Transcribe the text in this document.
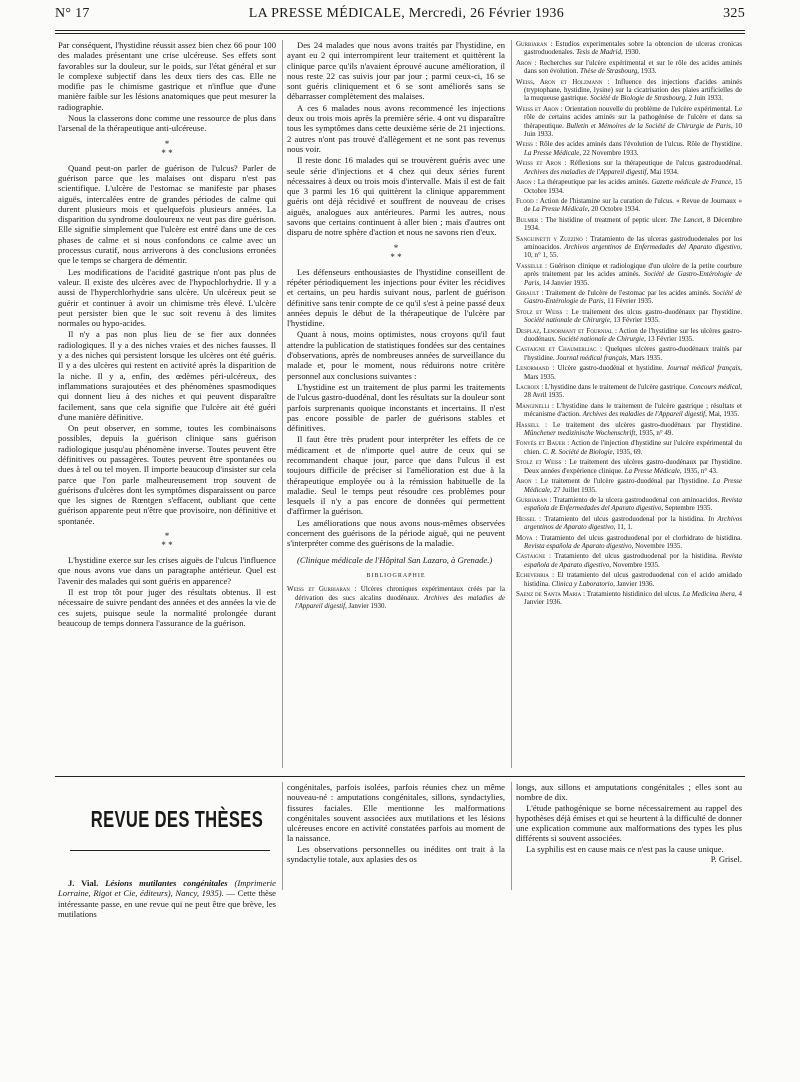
N° 17	LA PRESSE MÉDICALE, Mercredi, 26 Février 1936	325

Par conséquent, l'hystidine réussit assez bien chez 66 pour 100 des malades présentant une crise ulcéreuse. Ses effets sont favorables sur la douleur, sur le poids, sur l'état général et sur le complexe subjectif dans les deux tiers des cas. Elle ne modifie pas le chimisme gastrique et n'influe que d'une manière faible sur les lésions anatomiques que peut mesurer la radiographie.

Nous la classerons donc comme une ressource de plus dans l'arsenal de la thérapeutique anti-ulcéreuse.

*
* *

Quand peut-on parler de guérison de l'ulcus? Parler de guérison parce que les malaises ont disparu n'est pas scientifique. L'ulcère de l'estomac se manifeste par phases aiguës, intercalées entre de grandes périodes de calme qui durent plusieurs mois et quelquefois plusieurs années. La disparition du syndrome douloureux ne veut pas dire guérison. Elle signifie simplement que l'ulcère est entré dans une de ces phases de calme et si nous confondons ce calme avec un processus curatif, nous arriverons à des conclusions erronées que le temps se chargera de démentir.

Les modifications de l'acidité gastrique n'ont pas plus de valeur. Il existe des ulcères avec de l'hypochlorhydrie. Il y a aussi de l'hyperchlorhydrie sans ulcère. Un ulcéreux peut se guérir et continuer à avoir un chimisme très élevé. L'ulcère peut persister bien que le suc soit revenu à des limites normales ou hypo-acides.

Il n'y a pas non plus lieu de se fier aux données radiologiques. Il y a des niches vraies et des niches fausses. Il y a des niches qui persistent lorsque les ulcères ont été guéris. Il y a des ulcères qui restent en activité après la disparition de la niche. Il y a, enfin, des œdèmes péri-ulcéreux, des inflammations surajoutées et des phénomènes spasmodiques qui donnent lieu à des niches et qui peuvent disparaître facilement, sans que cela signifie que l'ulcère ait été guéri d'une manière définitive.

On peut observer, en somme, toutes les combinaisons possibles, depuis la guérison clinique sans guérison radiologique jusqu'au phénomène inverse. Toutes peuvent être définitives ou passagères. Toutes peuvent être spontanées ou dues à tel ou tel moyen. Il importe beaucoup d'insister sur cela parce que l'on parle malheureusement trop souvent de guérisons d'ulcères dont les symptômes disparaissent ou parce que les signes de Rœntgen s'effacent, oubliant que cette guérison apparente peut n'être que provisoire, non définitive et spontanée.

*
* *

L'hystidine exerce sur les crises aiguës de l'ulcus l'influence que nous avons vue dans un paragraphe antérieur. Quel est l'avenir des malades qui sont guéris en apparence?

Il est trop tôt pour juger des résultats obtenus. Il est nécessaire de suivre pendant des années et des années la vie de ces sujets, puisque seule la normalité prolongée durant beaucoup de temps donnera l'assurance de la guérison.

Des 24 malades que nous avons traités par l'hystidine, en ayant eu 2 qui interrompirent leur traitement et quittèrent la clinique parce qu'ils n'avaient éprouvé aucune amélioration, il nous reste 22 cas suivis jour par jour ; parmi ceux-ci, 16 se sont guéris cliniquement et 6 se sont améliorés sans se débarrasser complètement des malaises.

A ces 6 malades nous avons recommencé les injections deux ou trois mois après la première série. 4 ont vu disparaître tous les symptômes dans cette deuxième série de 21 injections. 2 autres n'ont pas trouvé d'allègement et ne sont pas revenus nous voir.

Il reste donc 16 malades qui se trouvèrent guéris avec une seule série d'injections et 4 chez qui deux séries furent nécessaires à deux ou trois mois d'intervalle. Mais il est de fait que 3 parmi les 16 qui quittèrent la clinique apparemment guéris ont déjà récidivé et souffrent de nouveau de crises aiguës, analogues aux antérieures. Parmi les autres, nous savons que certains continuent à aller bien ; mais d'autres ont disparu de notre sphère d'action et nous ne savons rien d'eux.

*
* *

Les défenseurs enthousiastes de l'hystidine conseillent de répéter périodiquement les injections pour éviter les récidives et certains, un peu hardis suivant nous, parlent de guérison définitive sans tenir compte de ce qu'il s'est à peine passé deux années depuis le début de la thérapeutique de l'ulcère par l'hystidine.

Quant à nous, moins optimistes, nous croyons qu'il faut attendre la publication de statistiques fondées sur des centaines d'observations, après de nombreuses années de surveillance du malade et, pour le moment, nous réduirons notre critère personnel aux conclusions suivantes :

L'hystidine est un traitement de plus parmi les traitements de l'ulcus gastro-duodénal, dont les résultats sur la douleur sont parfois surprenants quoique inconstants et incertains. Il n'est pas encore possible de parler de guérisons stables et définitives.

Il faut être très prudent pour interpréter les effets de ce médicament et de n'importe quel autre de ceux qui se recommandent chaque jour, parce que dans l'ulcus il est toujours difficile de préciser si l'amélioration est due à la thérapeutique employée ou à la rémission habituelle de la maladie. Seul le temps peut résoudre ces problèmes pour lesquels il n'y a pas encore de données qui permettent d'affirmer la guérison.

Les améliorations que nous avons nous-mêmes observées concernent des guérisons de la période aiguë, qui ne peuvent s'interpréter comme des guérisons de la maladie.

(Clinique médicale de l'Hôpital San Lazaro, à Grenade.)

BIBLIOGRAPHIE

Weiss et Gurbiaran : Ulcères chroniques expérimentaux créés par la dérivation des sucs alcalins duodénaux. Archives des maladies de l'Appareil digestif, Janvier 1930.
Gurbiaran : Estudios experimentales sobre la obtencion de ulceras cronicas gastroduodenales. Tesis de Madrid, 1930.
Aron : Recherches sur l'ulcère expérimental et sur le rôle des acides aminés dans son évolution. Thèse de Strasbourg, 1933.
Weiss, Aron et Holzmann : Influence des injections d'acides aminés (tryptophane, hystidine, lysine) sur la cicatrisation des plaies artificielles de la muqueuse gastrique. Société de Biologie de Strasbourg, 2 Juin 1933.
Weiss et Aron : Orientation nouvelle du problème de l'ulcère expérimental. Le rôle de certains acides aminés sur la pathogénèse de l'ulcère et dans sa thérapeutique. Bulletin et Mémoires de la Société de Chirurgie de Paris, 10 Juin 1933.
Weiss : Rôle des acides aminés dans l'évolution de l'ulcus. Rôle de l'hystidine. La Presse Médicale, 22 Novembre 1933.
Weiss et Aron : Réflexions sur la thérapeutique de l'ulcus gastroduodénal. Archives des maladies de l'Appareil digestif, Mai 1934.
Aron : La thérapeutique par les acides aminés. Gazette médicale de France, 15 Octobre 1934.
Flood : Action de l'histamine sur la curation de l'ulcus. « Revue de Journaux » de La Presse Médicale, 20 Octobre 1934.
Bulmer : The histidine of treatment of peptic ulcer. The Lancet, 8 Décembre 1934.
Sanguinetti y Zuzzino : Tratamiento de las ulceras gastroduodenales por los aminoacidos. Archivos argentinos de Enfermedades del Aparato digestivo, 10, n° 1, 55.
Vasselle : Guérison clinique et radiologique d'un ulcère de la petite courbure après traitement par les acides aminés. Société de Gastro-Entérologie de Paris, 14 Janvier 1935.
Girault : Traitement de l'ulcère de l'estomac par les acides aminés. Société de Gastro-Entérologie de Paris, 11 Février 1935.
Stolz et Weiss : Le traitement des ulcus gastro-duodénaux par l'hystidine. Société nationale de Chirurgie, 13 Février 1935.
Desplaz, Lenormant et Fournial : Action de l'hystidine sur les ulcères gastro-duodénaux. Société nationale de Chirurgie, 13 Février 1935.
Castaigne et Chaumerliac : Quelques ulcères gastro-duodénaux traités par l'hystidine. Journal médical français, Mars 1935.
Lenormand : Ulcère gastro-duodénal et hystidine. Journal médical français, Mars 1935.
Lacroix : L'hystidine dans le traitement de l'ulcère gastrique. Concours médical, 28 Avril 1935.
Manginelli : L'hystidine dans le traitement de l'ulcère gastrique ; résultats et mécanisme d'action. Archives des maladies de l'Appareil digestif, Mai, 1935.
Hassell : Le traitement des ulcères gastro-duodénaux par l'hystidine. Münchener medizinische Wochenschrift, 1935, n° 49.
Fonyès et Bauer : Action de l'injection d'hystidine sur l'ulcère expérimental du chien. C. R. Société de Biologie, 1935, 69.
Stolz et Weiss : Le traitement des ulcères gastro-duodénaux par l'hystidine. Deux années d'expérience clinique. La Presse Médicale, 1935, n° 43.
Aron : Le traitement de l'ulcère gastro-duodénal par l'hystidine. La Presse Médicale, 27 Juillet 1935.
Gurbiaran : Tratamiento de la ulcera gastroduodenal con aminoacidos. Revista española de Enfermedades del Aparato digestivo, Septembre 1935.
Hessel : Tratamiento del ulcus gastroduodenal por la histidina. In Archivos argentinos de Aparato digestivo, 11, 1.
Moya : Tratamiento del ulcus gastroduodenal por el clorhidrato de histidina. Revista española de Aparato digestivo, Novembre 1935.
Castaigne : Tratamiento del ulcus gastroduodenal por la histidina. Revista española de Aparato digestivo, Novembre 1935.
Echeverria : El tratamiento del ulcus gastroduodenal con el acido amidado histidina. Clinica y Laboratorio, Janvier 1936.
Saenz de Santa Maria : Tratamiento histidinico del ulcus. La Medicina ibera, 4 Janvier 1936.
REVUE DES THÈSES

J. Vial. Lésions mutilantes congénitales (Imprimerie Lorraine, Rigot et Cie, éditeurs), Nancy, 1935). — Cette thèse intéressante passe, en une revue qui ne peut être que brève, les mutilations

congénitales, parfois isolées, parfois réunies chez un même nouveau-né : amputations congénitales, sillons, syndactylies, fissures faciales. Elle mentionne les malformations congénitales souvent associées aux mutilations et les lésions ulcéreuses encore en activité constatées parfois au moment de la naissance.

Les observations personnelles ou inédites ont trait à la syndactylie totale, aux aplasies des os

longs, aux sillons et amputations congénitales ; elles sont au nombre de dix.

L'étude pathogénique se borne nécessairement au rappel des hypothèses déjà émises et qui se heurtent à la difficulté de donner une explication commune aux malformations des types les plus différents si souvent associées.

La syphilis est en cause mais ce n'est pas la cause unique.

P. Grisel.
